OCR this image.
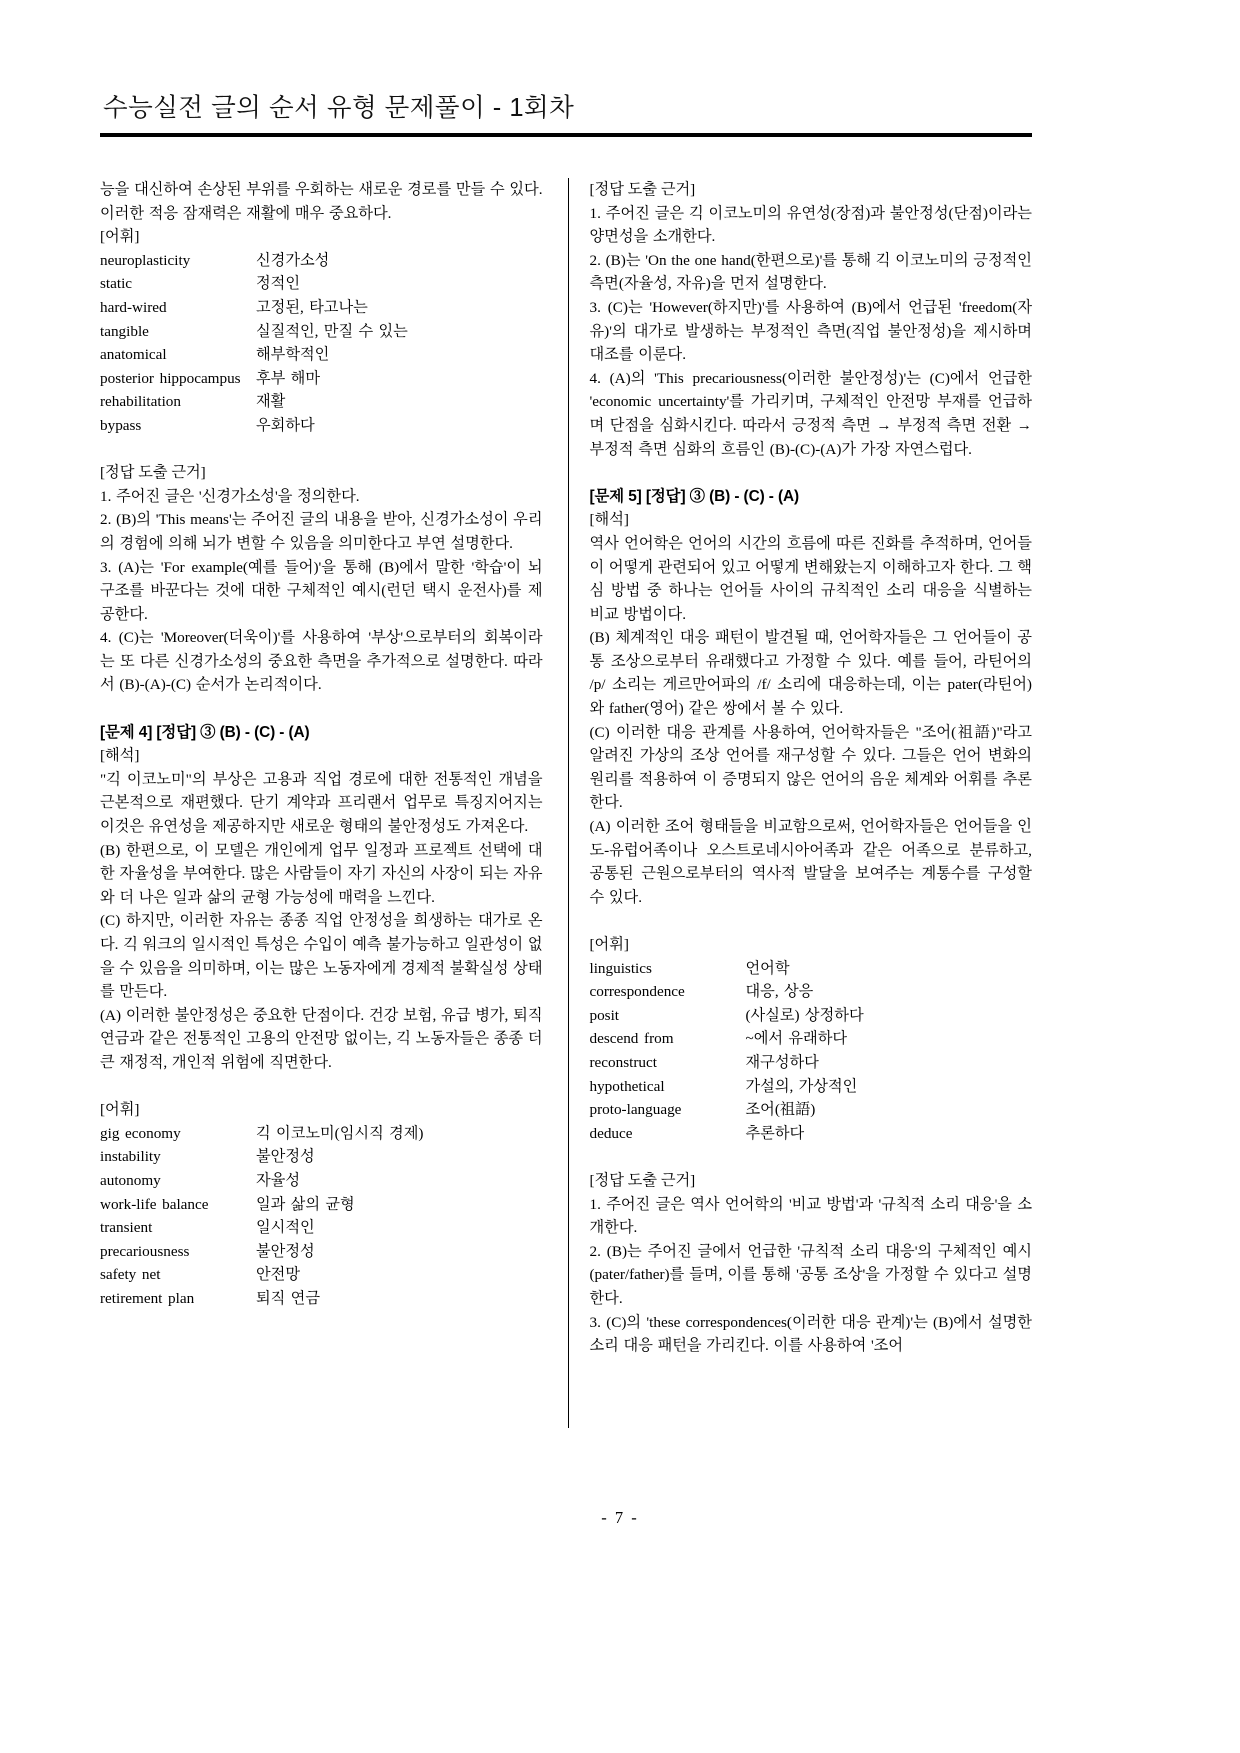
수능실전 글의 순서 유형 문제풀이 - 1회차

능을 대신하여 손상된 부위를 우회하는 새로운 경로를 만들 수 있다. 이러한 적응 잠재력은 재활에 매우 중요하다.

[어휘]

neuroplasticity	신경가소성
static	정적인
hard-wired	고정된, 타고나는
tangible	실질적인, 만질 수 있는
anatomical	해부학적인
posterior hippocampus	후부 해마
rehabilitation	재활
bypass	우회하다

[정답 도출 근거]

1. 주어진 글은 '신경가소성'을 정의한다.

2. (B)의 'This means'는 주어진 글의 내용을 받아, 신경가소성이 우리의 경험에 의해 뇌가 변할 수 있음을 의미한다고 부연 설명한다.

3. (A)는 'For example(예를 들어)'을 통해 (B)에서 말한 '학습'이 뇌 구조를 바꾼다는 것에 대한 구체적인 예시(런던 택시 운전사)를 제공한다.

4. (C)는 'Moreover(더욱이)'를 사용하여 '부상'으로부터의 회복이라는 또 다른 신경가소성의 중요한 측면을 추가적으로 설명한다. 따라서 (B)-(A)-(C) 순서가 논리적이다.

[문제 4] [정답] ③ (B) - (C) - (A)

[해석]

"긱 이코노미"의 부상은 고용과 직업 경로에 대한 전통적인 개념을 근본적으로 재편했다. 단기 계약과 프리랜서 업무로 특징지어지는 이것은 유연성을 제공하지만 새로운 형태의 불안정성도 가져온다.

(B) 한편으로, 이 모델은 개인에게 업무 일정과 프로젝트 선택에 대한 자율성을 부여한다. 많은 사람들이 자기 자신의 사장이 되는 자유와 더 나은 일과 삶의 균형 가능성에 매력을 느낀다.

(C) 하지만, 이러한 자유는 종종 직업 안정성을 희생하는 대가로 온다. 긱 워크의 일시적인 특성은 수입이 예측 불가능하고 일관성이 없을 수 있음을 의미하며, 이는 많은 노동자에게 경제적 불확실성 상태를 만든다.

(A) 이러한 불안정성은 중요한 단점이다. 건강 보험, 유급 병가, 퇴직 연금과 같은 전통적인 고용의 안전망 없이는, 긱 노동자들은 종종 더 큰 재정적, 개인적 위험에 직면한다.

[어휘]

gig economy	긱 이코노미(임시직 경제)
instability	불안정성
autonomy	자율성
work-life balance	일과 삶의 균형
transient	일시적인
precariousness	불안정성
safety net	안전망
retirement plan	퇴직 연금

[정답 도출 근거]

1. 주어진 글은 긱 이코노미의 유연성(장점)과 불안정성(단점)이라는 양면성을 소개한다.

2. (B)는 'On the one hand(한편으로)'를 통해 긱 이코노미의 긍정적인 측면(자율성, 자유)을 먼저 설명한다.

3. (C)는 'However(하지만)'를 사용하여 (B)에서 언급된 'freedom(자유)'의 대가로 발생하는 부정적인 측면(직업 불안정성)을 제시하며 대조를 이룬다.

4. (A)의 'This precariousness(이러한 불안정성)'는 (C)에서 언급한 'economic uncertainty'를 가리키며, 구체적인 안전망 부재를 언급하며 단점을 심화시킨다. 따라서 긍정적 측면 → 부정적 측면 전환 → 부정적 측면 심화의 흐름인 (B)-(C)-(A)가 가장 자연스럽다.

[문제 5] [정답] ③ (B) - (C) - (A)

[해석]

역사 언어학은 언어의 시간의 흐름에 따른 진화를 추적하며, 언어들이 어떻게 관련되어 있고 어떻게 변해왔는지 이해하고자 한다. 그 핵심 방법 중 하나는 언어들 사이의 규칙적인 소리 대응을 식별하는 비교 방법이다.

(B) 체계적인 대응 패턴이 발견될 때, 언어학자들은 그 언어들이 공통 조상으로부터 유래했다고 가정할 수 있다. 예를 들어, 라틴어의 /p/ 소리는 게르만어파의 /f/ 소리에 대응하는데, 이는 pater(라틴어)와 father(영어) 같은 쌍에서 볼 수 있다.

(C) 이러한 대응 관계를 사용하여, 언어학자들은 "조어(祖語)"라고 알려진 가상의 조상 언어를 재구성할 수 있다. 그들은 언어 변화의 원리를 적용하여 이 증명되지 않은 언어의 음운 체계와 어휘를 추론한다.

(A) 이러한 조어 형태들을 비교함으로써, 언어학자들은 언어들을 인도-유럽어족이나 오스트로네시아어족과 같은 어족으로 분류하고, 공통된 근원으로부터의 역사적 발달을 보여주는 계통수를 구성할 수 있다.

[어휘]

linguistics	언어학
correspondence	대응, 상응
posit	(사실로) 상정하다
descend from	~에서 유래하다
reconstruct	재구성하다
hypothetical	가설의, 가상적인
proto-language	조어(祖語)
deduce	추론하다

[정답 도출 근거]

1. 주어진 글은 역사 언어학의 '비교 방법'과 '규칙적 소리 대응'을 소개한다.

2. (B)는 주어진 글에서 언급한 '규칙적 소리 대응'의 구체적인 예시(pater/father)를 들며, 이를 통해 '공통 조상'을 가정할 수 있다고 설명한다.

3. (C)의 'these correspondences(이러한 대응 관계)'는 (B)에서 설명한 소리 대응 패턴을 가리킨다. 이를 사용하여 '조어

- 7 -
